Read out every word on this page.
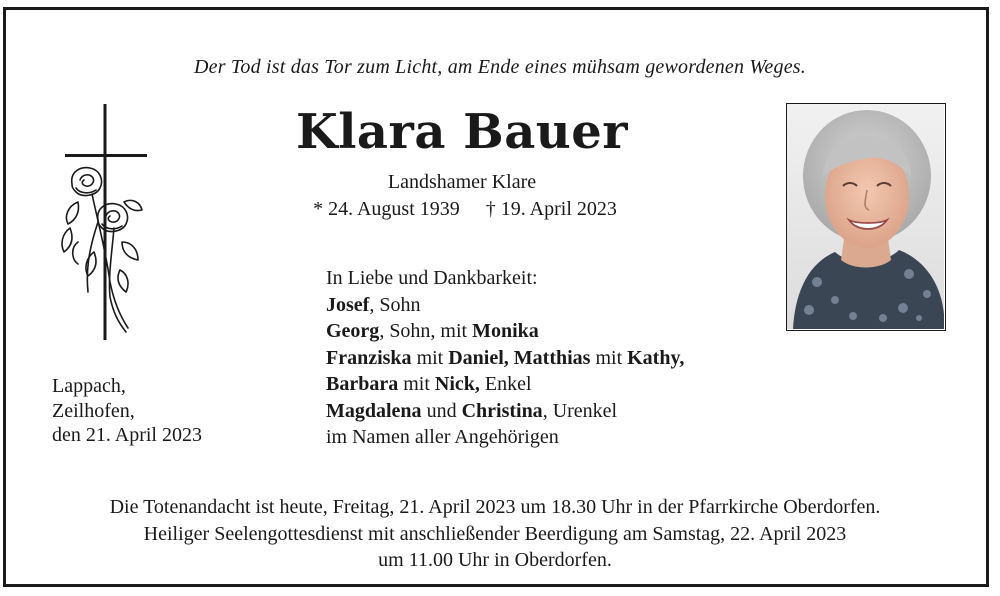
Der Tod ist das Tor zum Licht, am Ende eines mühsam gewordenen Weges.
Klara Bauer
Landshamer Klare
* 24. August 1939 † 19. April 2023
In Liebe und Dankbarkeit:
Josef, Sohn
Georg, Sohn, mit Monika
Franziska mit Daniel, Matthias mit Kathy,
Barbara mit Nick, Enkel
Magdalena und Christina, Urenkel
im Namen aller Angehörigen
Lappach,
Zeilhofen,
den 21. April 2023
Die Totenandacht ist heute, Freitag, 21. April 2023 um 18.30 Uhr in der Pfarrkirche Oberdorfen.
Heiliger Seelengottesdienst mit anschließender Beerdigung am Samstag, 22. April 2023
um 11.00 Uhr in Oberdorfen.
